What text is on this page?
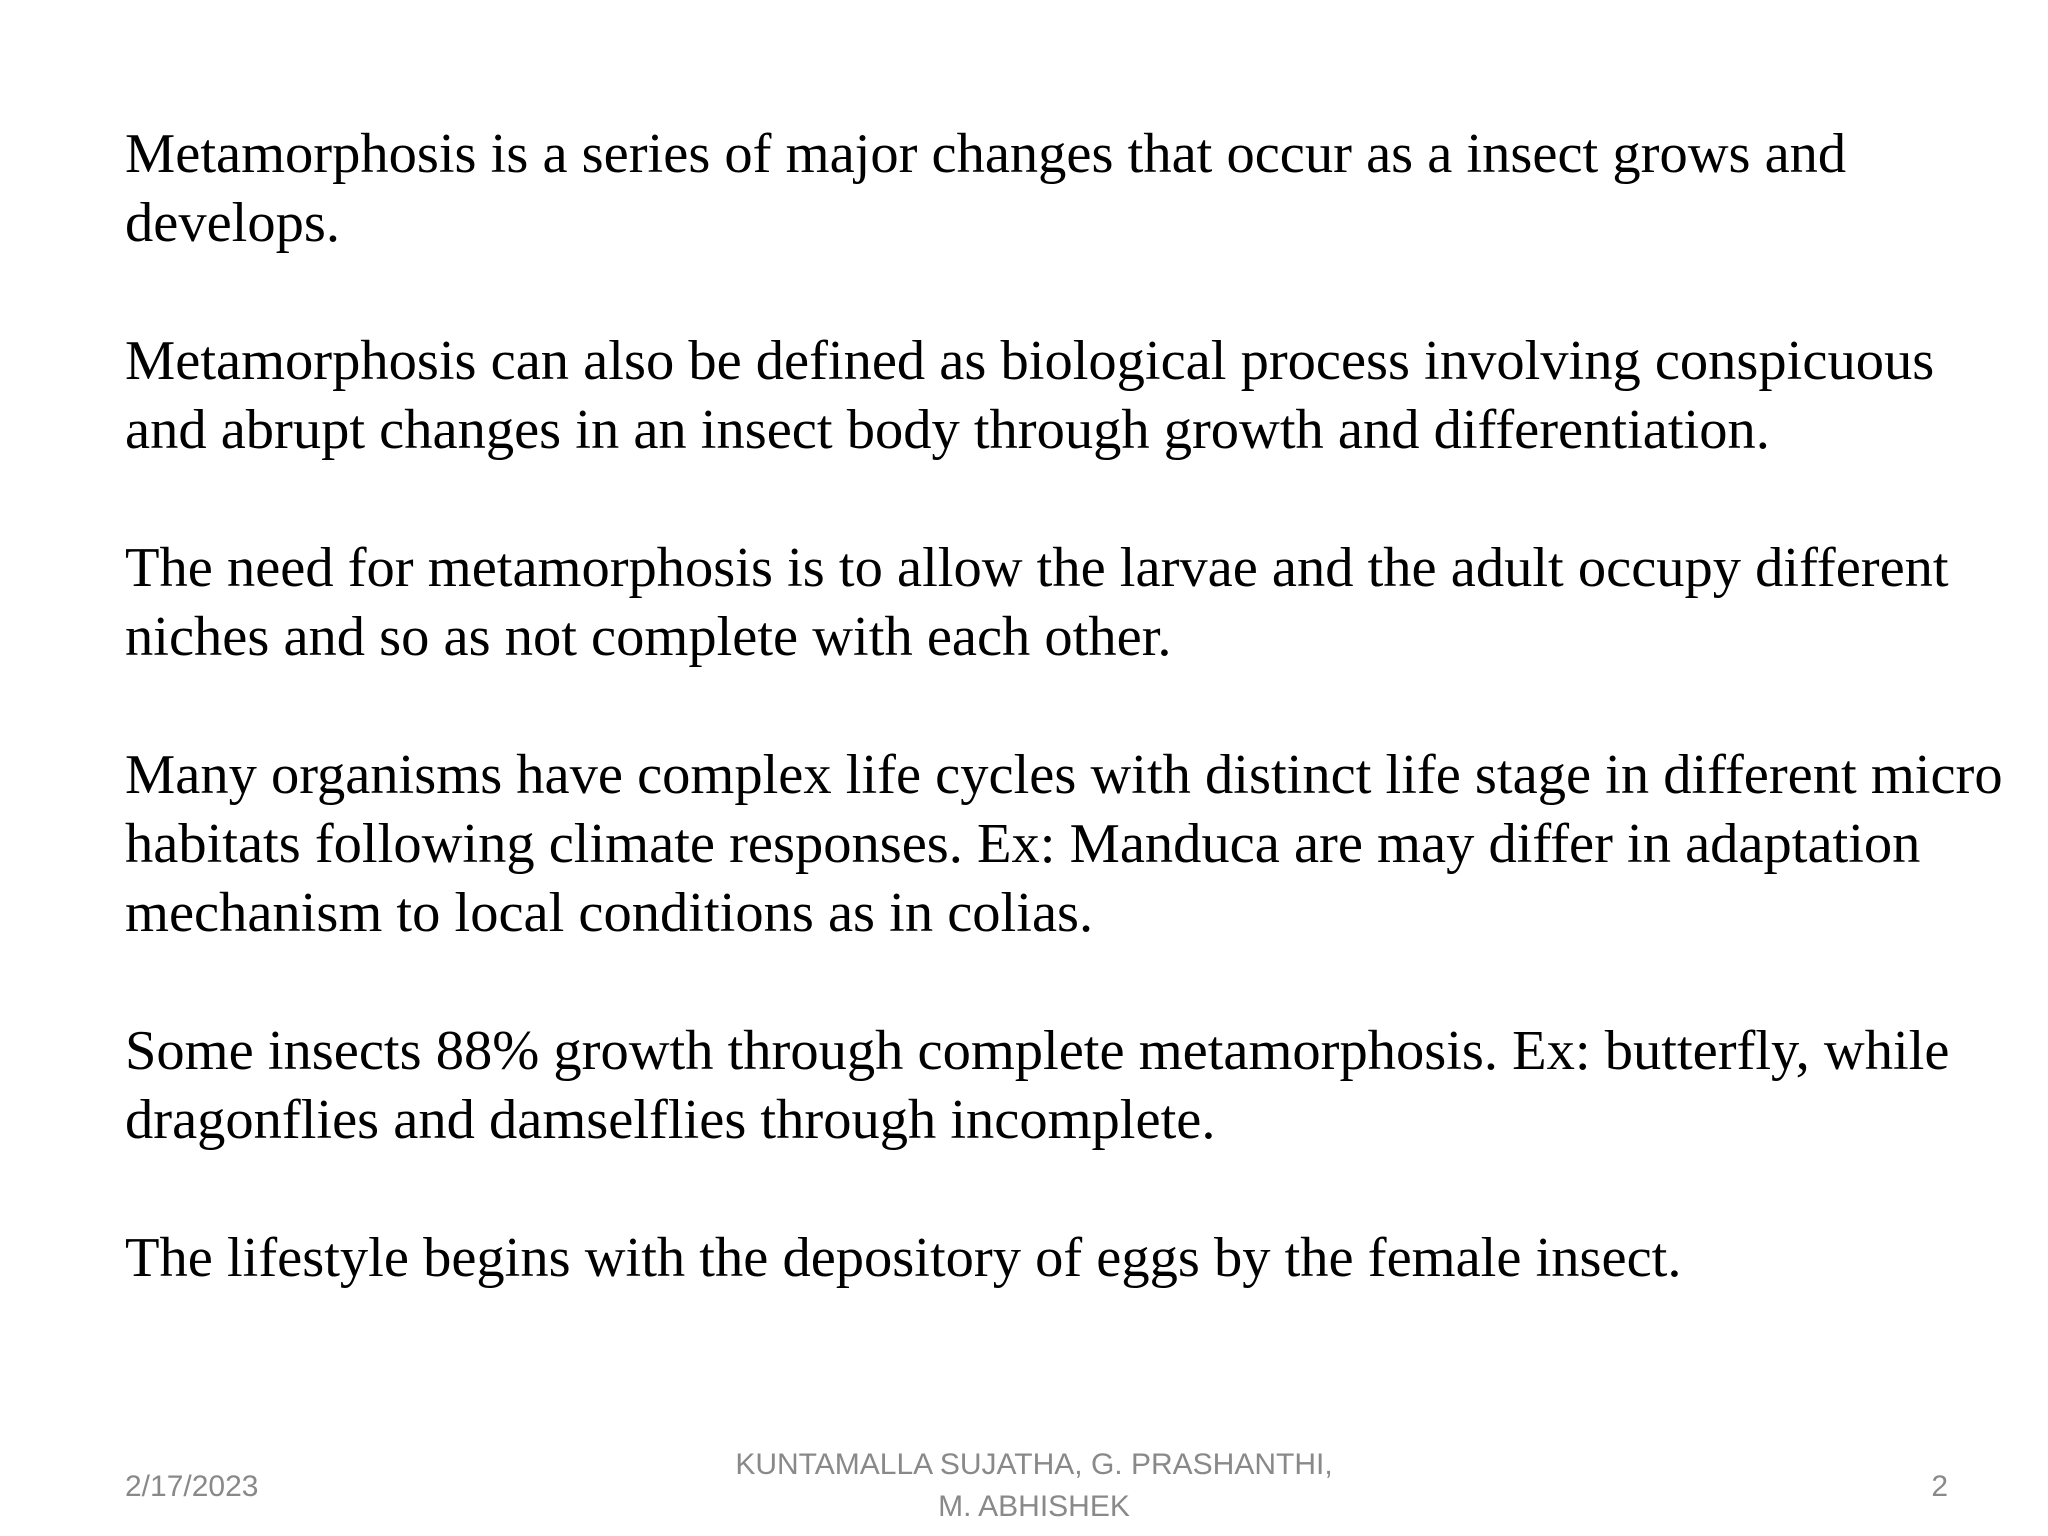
Metamorphosis is a series of major changes that occur as a insect grows and develops.

Metamorphosis can also be defined as biological process involving conspicuous and abrupt changes in an insect body through growth and differentiation.

The need for metamorphosis is to allow the larvae and the adult occupy different niches and so as not complete with each other.

Many organisms have complex life cycles with distinct life stage in different micro habitats following climate responses. Ex: Manduca are may differ in adaptation mechanism to local conditions as in colias.

Some insects 88% growth through complete metamorphosis. Ex: butterfly, while dragonflies and damselflies through incomplete.

The lifestyle begins with the depository of eggs by the female insect.

2/17/2023
KUNTAMALLA SUJATHA, G. PRASHANTHI,
M. ABHISHEK
2
